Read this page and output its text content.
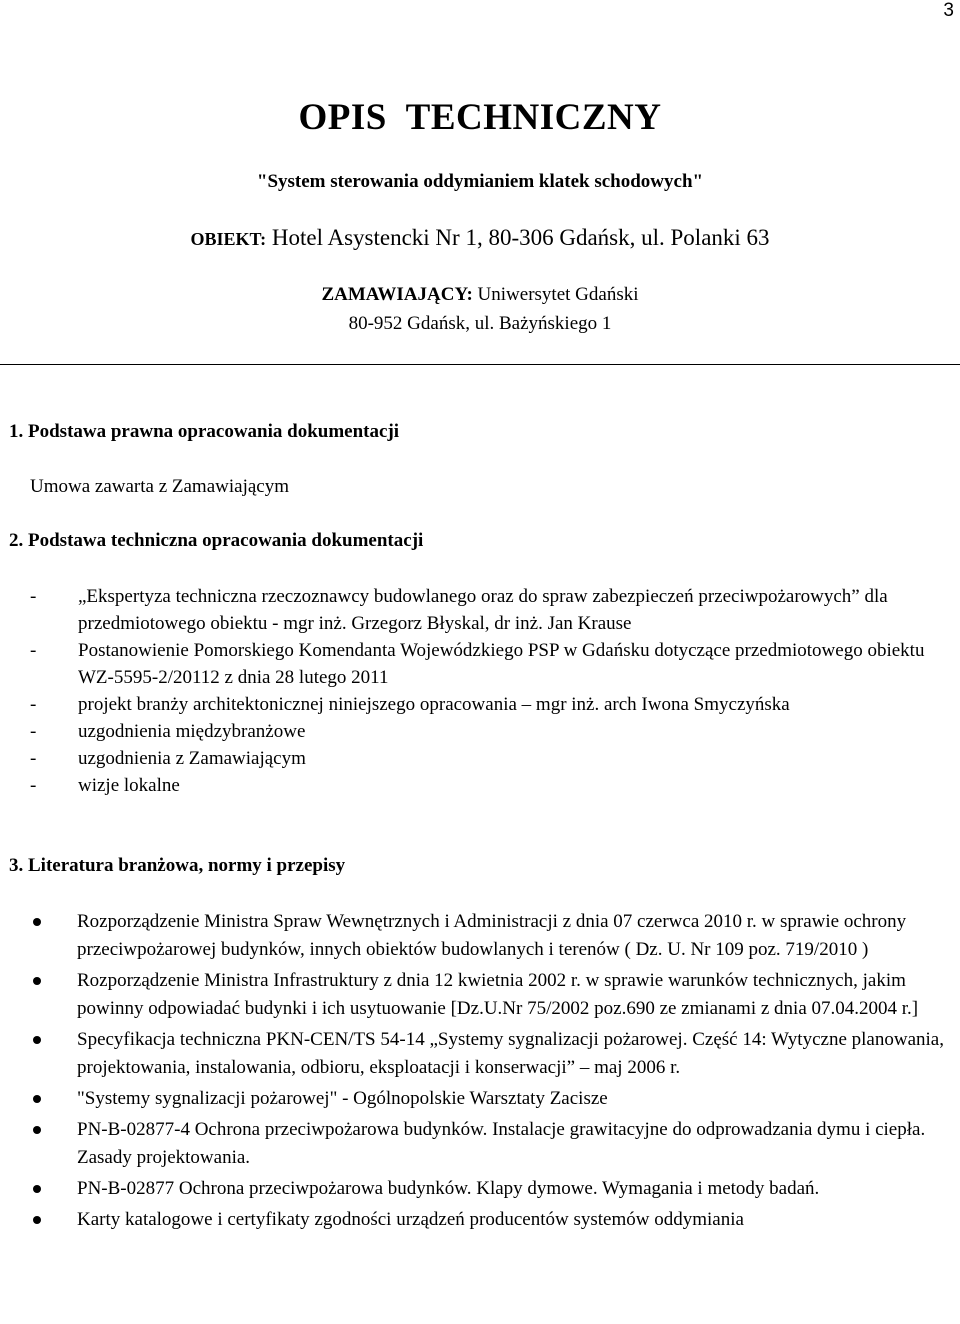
3
OPIS  TECHNICZNY
"System sterowania oddymianiem klatek schodowych"
OBIEKT: Hotel Asystencki Nr 1, 80-306 Gdańsk, ul. Polanki 63
ZAMAWIAJĄCY: Uniwersytet Gdański
80-952 Gdańsk, ul. Bażyńskiego 1
1. Podstawa prawna opracowania dokumentacji
Umowa zawarta z Zamawiającym
2. Podstawa techniczna opracowania dokumentacji
- „Ekspertyza techniczna rzeczoznawcy budowlanego oraz do spraw zabezpieczeń przeciwpożarowych” dla przedmiotowego obiektu - mgr inż. Grzegorz Błyskal, dr inż. Jan Krause
- Postanowienie Pomorskiego Komendanta Wojewódzkiego PSP w Gdańsku dotyczące przedmiotowego obiektu WZ-5595-2/20112 z dnia 28 lutego 2011
- projekt branży architektonicznej niniejszego opracowania – mgr inż. arch Iwona Smyczyńska
- uzgodnienia międzybranżowe
- uzgodnienia z Zamawiającym
- wizje lokalne
3. Literatura branżowa, normy i przepisy
Rozporządzenie Ministra Spraw Wewnętrznych i Administracji z dnia 07 czerwca 2010 r. w sprawie ochrony przeciwpożarowej budynków, innych obiektów budowlanych i terenów ( Dz. U. Nr 109 poz. 719/2010 )
Rozporządzenie Ministra Infrastruktury z dnia 12 kwietnia 2002 r. w sprawie warunków technicznych, jakim powinny odpowiadać budynki i ich usytuowanie [Dz.U.Nr 75/2002 poz.690 ze zmianami z dnia 07.04.2004 r.]
Specyfikacja techniczna PKN-CEN/TS 54-14 „Systemy sygnalizacji pożarowej. Część 14: Wytyczne planowania, projektowania, instalowania, odbioru, eksploatacji i konserwacji” – maj 2006 r.
"Systemy sygnalizacji pożarowej" - Ogólnopolskie Warsztaty Zacisze
PN-B-02877-4 Ochrona przeciwpożarowa budynków. Instalacje grawitacyjne do odprowadzania dymu i ciepła. Zasady projektowania.
PN-B-02877 Ochrona przeciwpożarowa budynków. Klapy dymowe. Wymagania i metody badań.
Karty katalogowe i certyfikaty zgodności urządzeń producentów systemów oddymiania
